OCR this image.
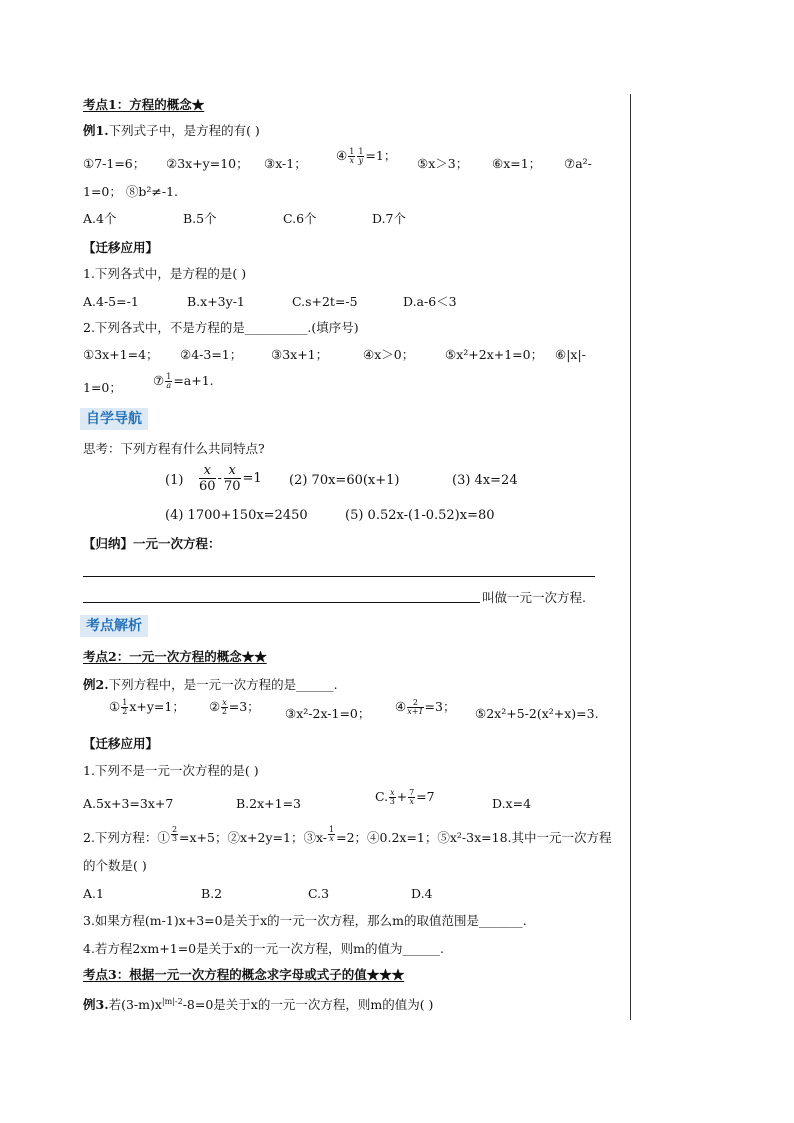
考点1：方程的概念★
例1.下列式子中，是方程的有( )
①7-1=6； ②3x+y=10； ③x-1；
④ $\frac{1}{x} \frac{1}{y} =1$；
⑤x＞3； ⑥x=1； ⑦a²-
1=0； ⑧b²≠-1.
A.4个	B.5个	C.6个	D.7个
【迁移应用】
1.下列各式中，是方程的是( )
A.4-5=-1	B.x+3y-1	C.s+2t=-5	D.a-6＜3
2.下列各式中，不是方程的是__________.(填序号)
①3x+1=4； ②4-3=1； ③3x+1；	④x＞0； ⑤x²+2x+1=0； ⑥|x|-
1=0； ⑦ $\frac{1}{a} =a+1$.
自学导航
思考：下列方程有什么共同特点?
$(1) \frac{x}{60} - \frac{x}{70} =1$ (2) 70x=60(x+1)	(3) 4x=24
(4) 1700+150x=2450	(5) 0.52x-(1-0.52)x=80
【归纳】一元一次方程：
叫做一元一次方程.
考点解析
考点2：一元一次方程的概念★★
例2.下列方程中，是一元一次方程的是______.
① $\frac{1}{2} x+y=1$； ② $\frac{x}{2} =3$； ③x²-2x-1=0； ④ $\frac{2}{x+1} =3$； ⑤2x²+5-2(x²+x)=3.
【迁移应用】
1.下列不是一元一次方程的是( )
A.5x+3=3x+7	B.2x+1=3	C. $\frac{x}{3} + \frac{7}{x} =7$	D.x=4
2.下列方程：① $\frac{2}{3} =x+5$；②x+2y=1；③x- $\frac{1}{x} =2$；④0.2x=1；⑤x²-3x=18.其中一元一次方程
的个数是( )
A.1	B.2	C.3	D.4
3.如果方程(m-1)x+3=0是关于x的一元一次方程，那么m的取值范围是_______.
4.若方程2xm+1=0是关于x的一元一次方程，则m的值为______.
考点3：根据一元一次方程的概念求字母或式子的值★★★
例3.若$(3-m)x^{|m|-2}-8=0$是关于x的一元一次方程，则m的值为( )
